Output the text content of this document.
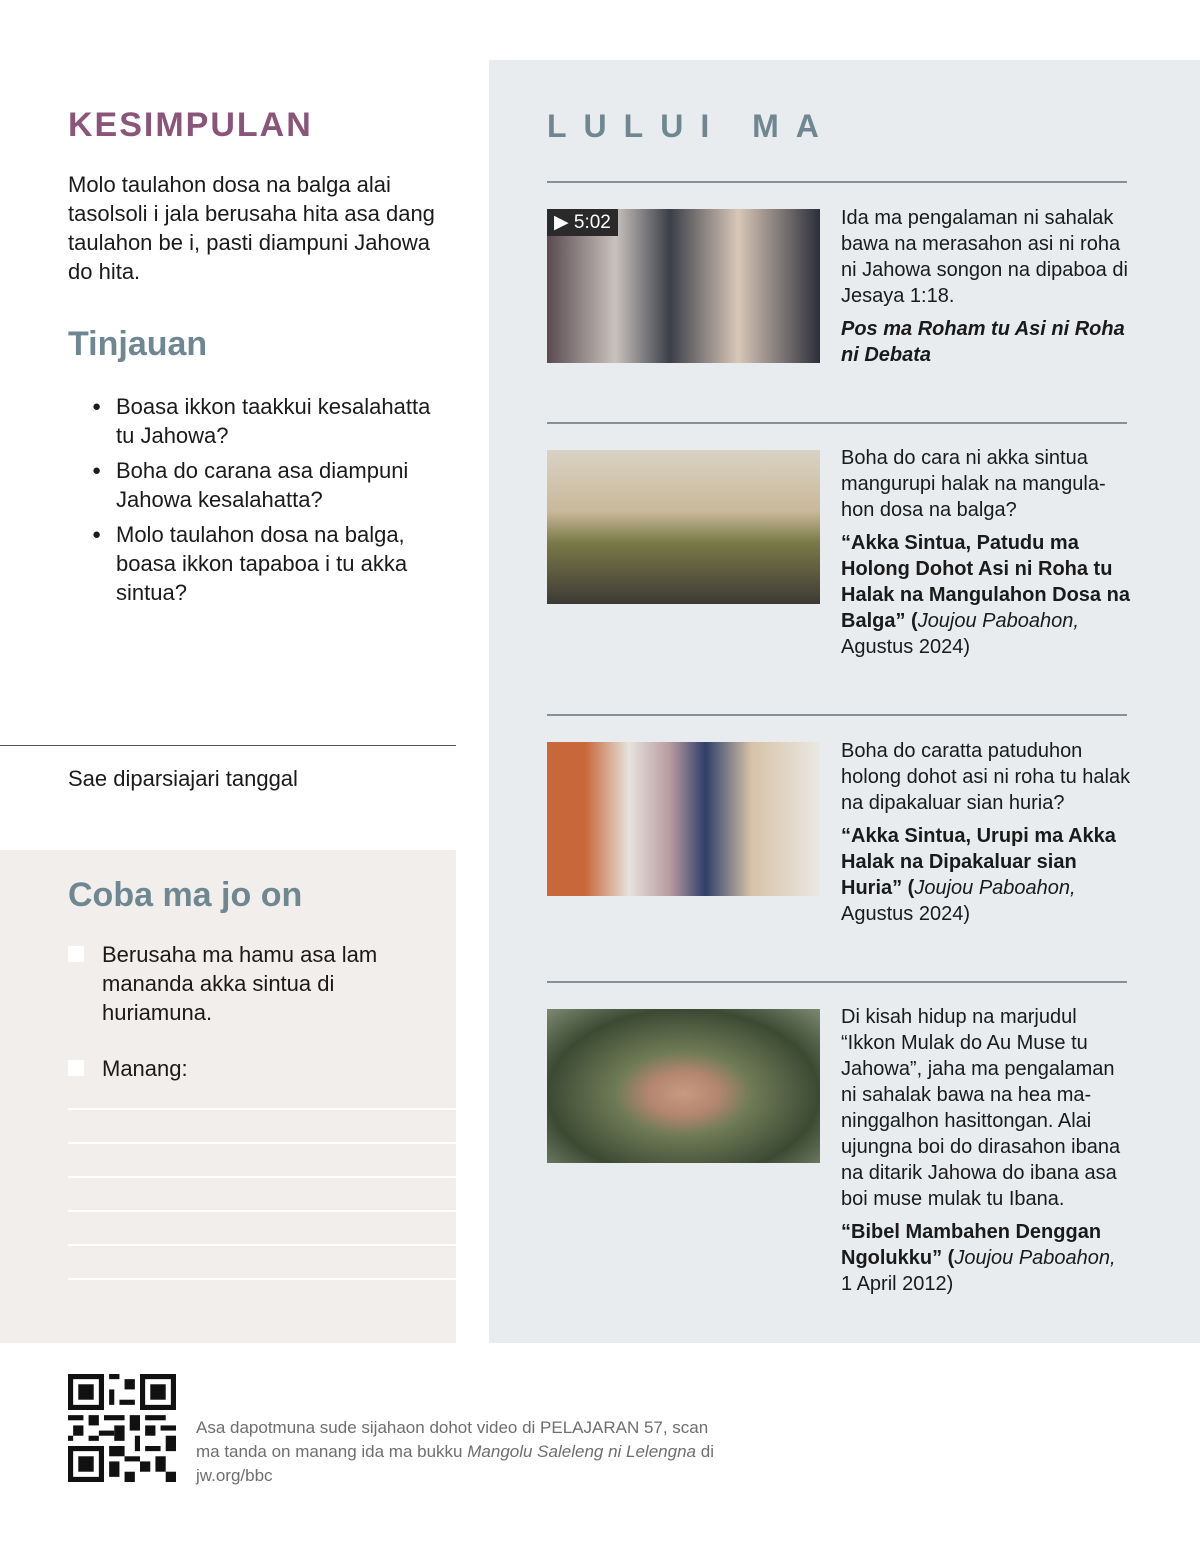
KESIMPULAN
Molo taulahon dosa na balga alai tasolsoli i jala berusaha hita asa dang taulahon be i, pasti diampuni Jahowa do hita.
Tinjauan
● Boasa ikkon taakkui kesalahatta tu Jahowa?
● Boha do carana asa diampuni Jahowa kesalahatta?
● Molo taulahon dosa na balga, boasa ikkon tapaboa i tu akka sintua?
Sae diparsiajari tanggal
Coba ma jo on
Berusaha ma hamu asa lam mananda akka sintua di huriamuna.
Manang:
LULUI MA
▶ 5:02	Ida ma pengalaman ni sahalak bawa na merasahon asi ni roha ni Jahowa songon na dipaboa di Jesaya 1:18.
Pos ma Roham tu Asi ni Roha ni Debata
Boha do cara ni akka sintua mangurupi halak na mangulahon dosa na balga?
“Akka Sintua, Patudu ma Holong Dohot Asi ni Roha tu Halak na Mangulahon Dosa na Balga” (Joujou Paboahon,
Agustus 2024)
Boha do caratta patuduhon holong dohot asi ni roha tu halak na dipakaluar sian huria?
“Akka Sintua, Urupi ma Akka Halak na Dipakaluar sian Huria” (Joujou Paboahon,
Agustus 2024)
Di kisah hidup na marjudul “Ikkon Mulak do Au Muse tu Jahowa”, jaha ma pengalaman ni sahalak bawa na hea maninggalhon hasittongan. Alai ujungna boi do dirasahon ibana na ditarik Jahowa do ibana asa boi muse mulak tu Ibana.
“Bibel Mambahen Denggan Ngolukku” (Joujou Paboahon,
1 April 2012)
Asa dapotmuna sude sijahaon dohot video di PELAJARAN 57, scan ma tanda on manang ida ma bukku Mangolu Saleleng ni Lelengna di jw.org/bbc
